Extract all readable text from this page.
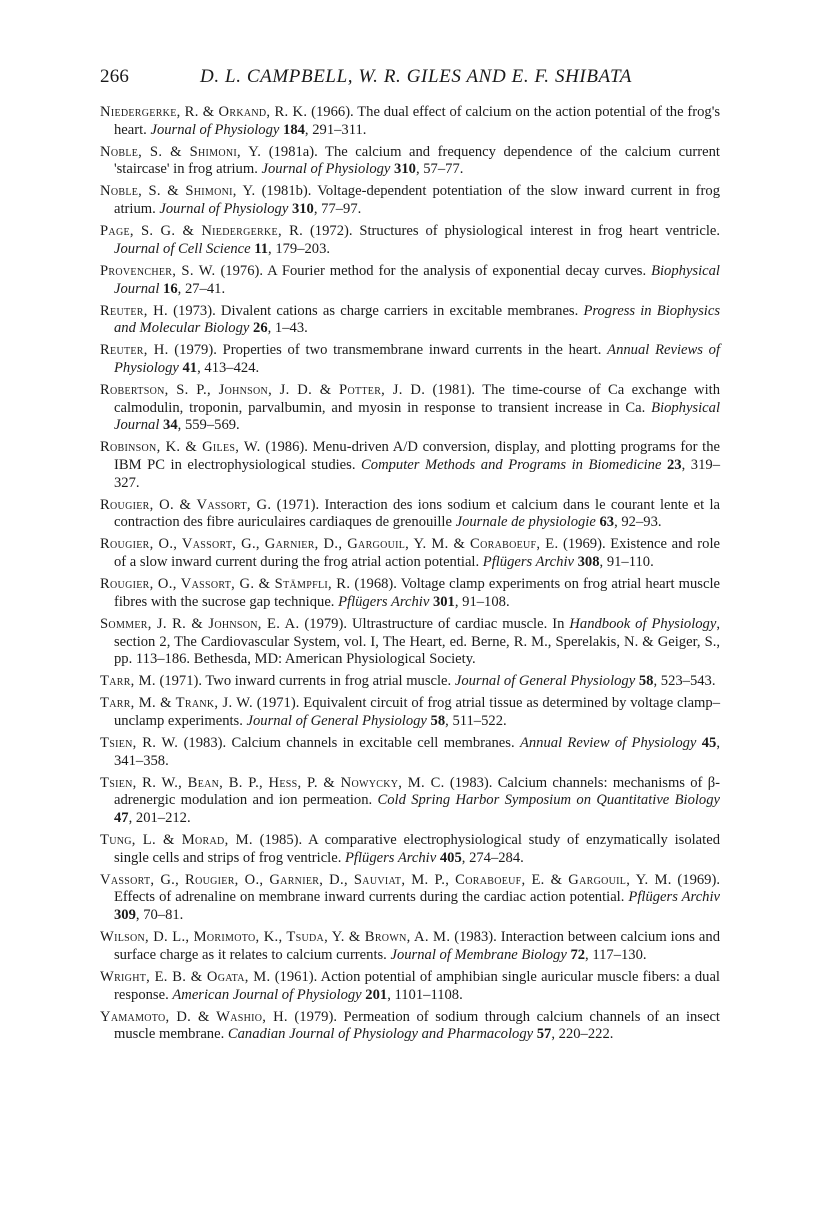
266	D. L. CAMPBELL, W. R. GILES AND E. F. SHIBATA

Niedergerke, R. & Orkand, R. K. (1966). The dual effect of calcium on the action potential of the frog's heart. Journal of Physiology 184, 291–311.

Noble, S. & Shimoni, Y. (1981a). The calcium and frequency dependence of the calcium current 'staircase' in frog atrium. Journal of Physiology 310, 57–77.

Noble, S. & Shimoni, Y. (1981b). Voltage-dependent potentiation of the slow inward current in frog atrium. Journal of Physiology 310, 77–97.

Page, S. G. & Niedergerke, R. (1972). Structures of physiological interest in frog heart ventricle. Journal of Cell Science 11, 179–203.

Provencher, S. W. (1976). A Fourier method for the analysis of exponential decay curves. Biophysical Journal 16, 27–41.

Reuter, H. (1973). Divalent cations as charge carriers in excitable membranes. Progress in Biophysics and Molecular Biology 26, 1–43.

Reuter, H. (1979). Properties of two transmembrane inward currents in the heart. Annual Reviews of Physiology 41, 413–424.

Robertson, S. P., Johnson, J. D. & Potter, J. D. (1981). The time-course of Ca exchange with calmodulin, troponin, parvalbumin, and myosin in response to transient increase in Ca. Biophysical Journal 34, 559–569.

Robinson, K. & Giles, W. (1986). Menu-driven A/D conversion, display, and plotting programs for the IBM PC in electrophysiological studies. Computer Methods and Programs in Biomedicine 23, 319–327.

Rougier, O. & Vassort, G. (1971). Interaction des ions sodium et calcium dans le courant lente et la contraction des fibre auriculaires cardiaques de grenouille Journale de physiologie 63, 92–93.

Rougier, O., Vassort, G., Garnier, D., Gargouil, Y. M. & Coraboeuf, E. (1969). Existence and role of a slow inward current during the frog atrial action potential. Pflügers Archiv 308, 91–110.

Rougier, O., Vassort, G. & Stämpfli, R. (1968). Voltage clamp experiments on frog atrial heart muscle fibres with the sucrose gap technique. Pflügers Archiv 301, 91–108.

Sommer, J. R. & Johnson, E. A. (1979). Ultrastructure of cardiac muscle. In Handbook of Physiology, section 2, The Cardiovascular System, vol. I, The Heart, ed. Berne, R. M., Sperelakis, N. & Geiger, S., pp. 113–186. Bethesda, MD: American Physiological Society.

Tarr, M. (1971). Two inward currents in frog atrial muscle. Journal of General Physiology 58, 523–543.

Tarr, M. & Trank, J. W. (1971). Equivalent circuit of frog atrial tissue as determined by voltage clamp–unclamp experiments. Journal of General Physiology 58, 511–522.

Tsien, R. W. (1983). Calcium channels in excitable cell membranes. Annual Review of Physiology 45, 341–358.

Tsien, R. W., Bean, B. P., Hess, P. & Nowycky, M. C. (1983). Calcium channels: mechanisms of β-adrenergic modulation and ion permeation. Cold Spring Harbor Symposium on Quantitative Biology 47, 201–212.

Tung, L. & Morad, M. (1985). A comparative electrophysiological study of enzymatically isolated single cells and strips of frog ventricle. Pflügers Archiv 405, 274–284.

Vassort, G., Rougier, O., Garnier, D., Sauviat, M. P., Coraboeuf, E. & Gargouil, Y. M. (1969). Effects of adrenaline on membrane inward currents during the cardiac action potential. Pflügers Archiv 309, 70–81.

Wilson, D. L., Morimoto, K., Tsuda, Y. & Brown, A. M. (1983). Interaction between calcium ions and surface charge as it relates to calcium currents. Journal of Membrane Biology 72, 117–130.

Wright, E. B. & Ogata, M. (1961). Action potential of amphibian single auricular muscle fibers: a dual response. American Journal of Physiology 201, 1101–1108.

Yamamoto, D. & Washio, H. (1979). Permeation of sodium through calcium channels of an insect muscle membrane. Canadian Journal of Physiology and Pharmacology 57, 220–222.
